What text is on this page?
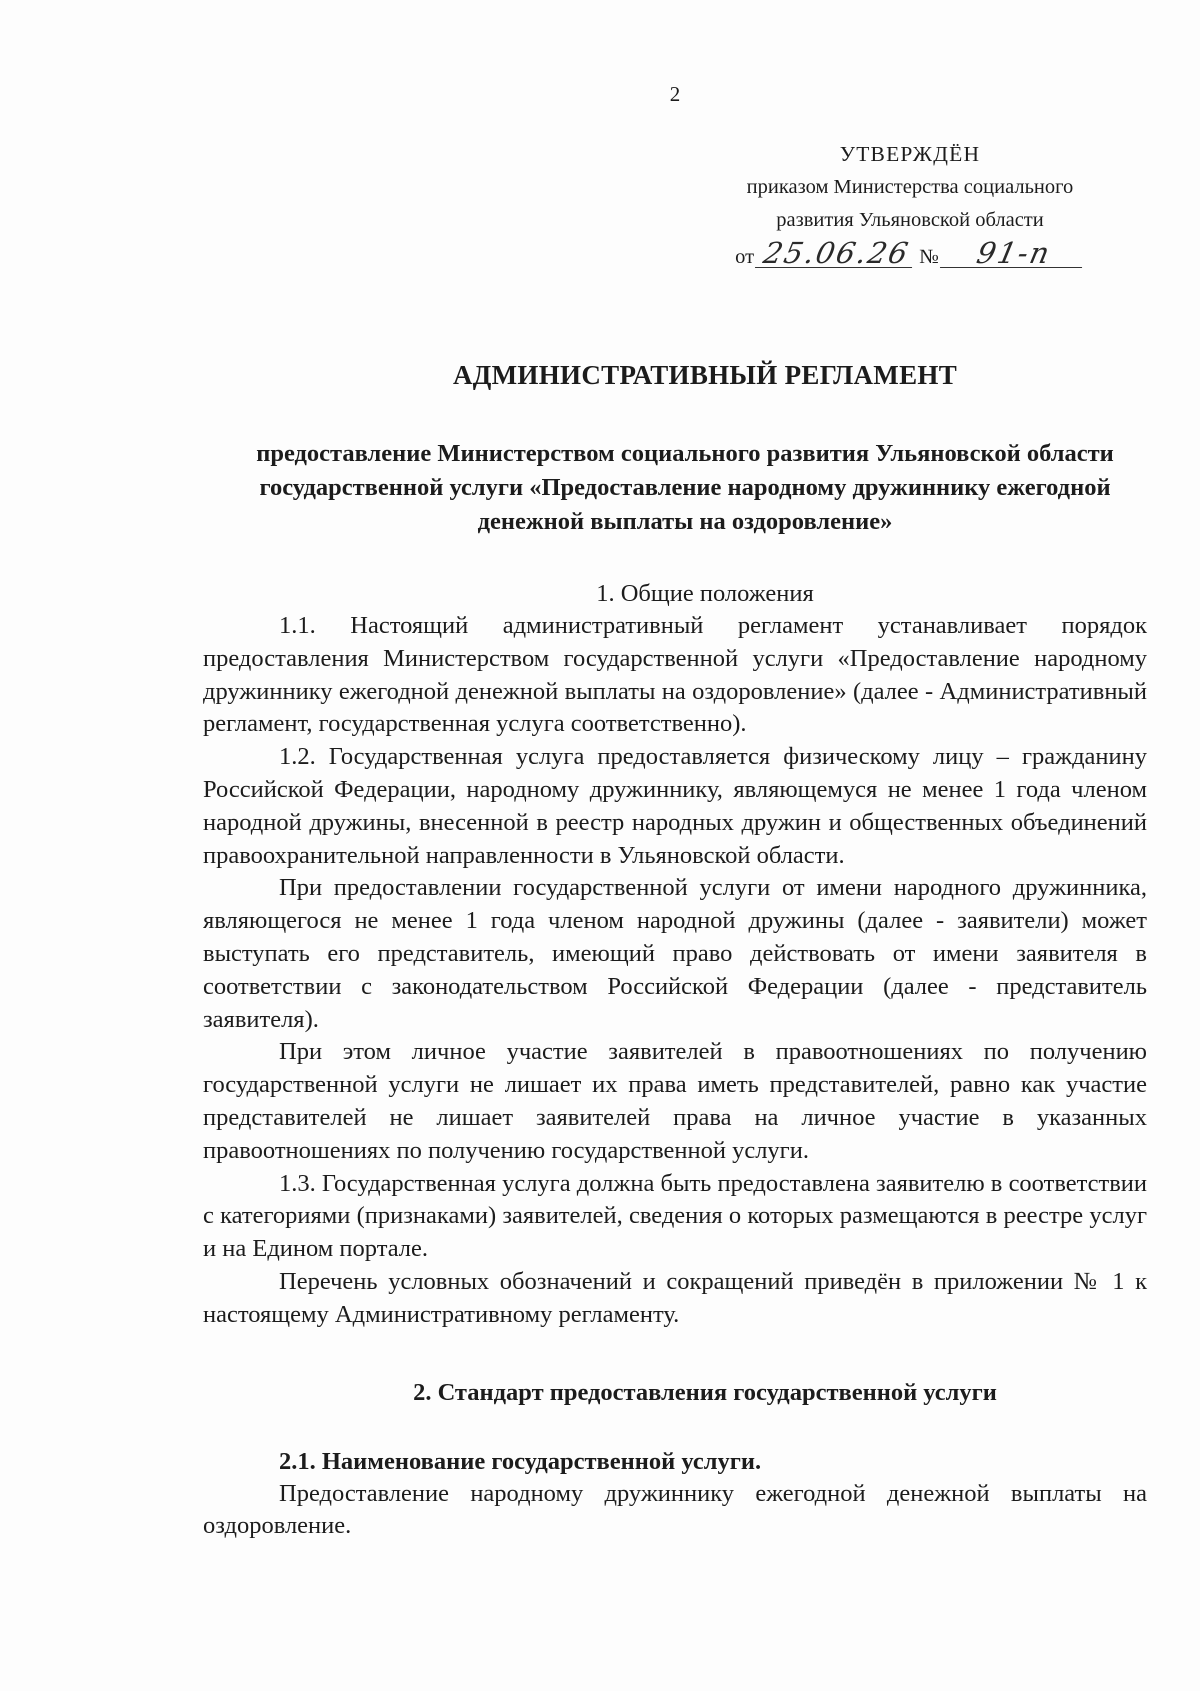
2
УТВЕРЖДЁН
приказом Министерства социального
развития Ульяновской области
от 25.06.26 №	91-п
АДМИНИСТРАТИВНЫЙ РЕГЛАМЕНТ
предоставление Министерством социального развития Ульяновской области государственной услуги «Предоставление народному дружиннику ежегодной денежной выплаты на оздоровление»
1. Общие положения

1.1. Настоящий административный регламент устанавливает порядок предоставления Министерством государственной услуги «Предоставление народному дружиннику ежегодной денежной выплаты на оздоровление» (далее - Административный регламент, государственная услуга соответственно).

1.2. Государственная услуга предоставляется физическому лицу – гражданину Российской Федерации, народному дружиннику, являющемуся не менее 1 года членом народной дружины, внесенной в реестр народных дружин и общественных объединений правоохранительной направленности в Ульяновской области.

При предоставлении государственной услуги от имени народного дружинника, являющегося не менее 1 года членом народной дружины (далее - заявители) может выступать его представитель, имеющий право действовать от имени заявителя в соответствии с законодательством Российской Федерации (далее - представитель заявителя).

При этом личное участие заявителей в правоотношениях по получению государственной услуги не лишает их права иметь представителей, равно как участие представителей не лишает заявителей права на личное участие в указанных правоотношениях по получению государственной услуги.

1.3. Государственная услуга должна быть предоставлена заявителю в соответствии с категориями (признаками) заявителей, сведения о которых размещаются в реестре услуг и на Едином портале.

Перечень условных обозначений и сокращений приведён в приложении № 1 к настоящему Административному регламенту.

2. Стандарт предоставления государственной услуги
2.1. Наименование государственной услуги.

Предоставление народному дружиннику ежегодной денежной выплаты на оздоровление.
